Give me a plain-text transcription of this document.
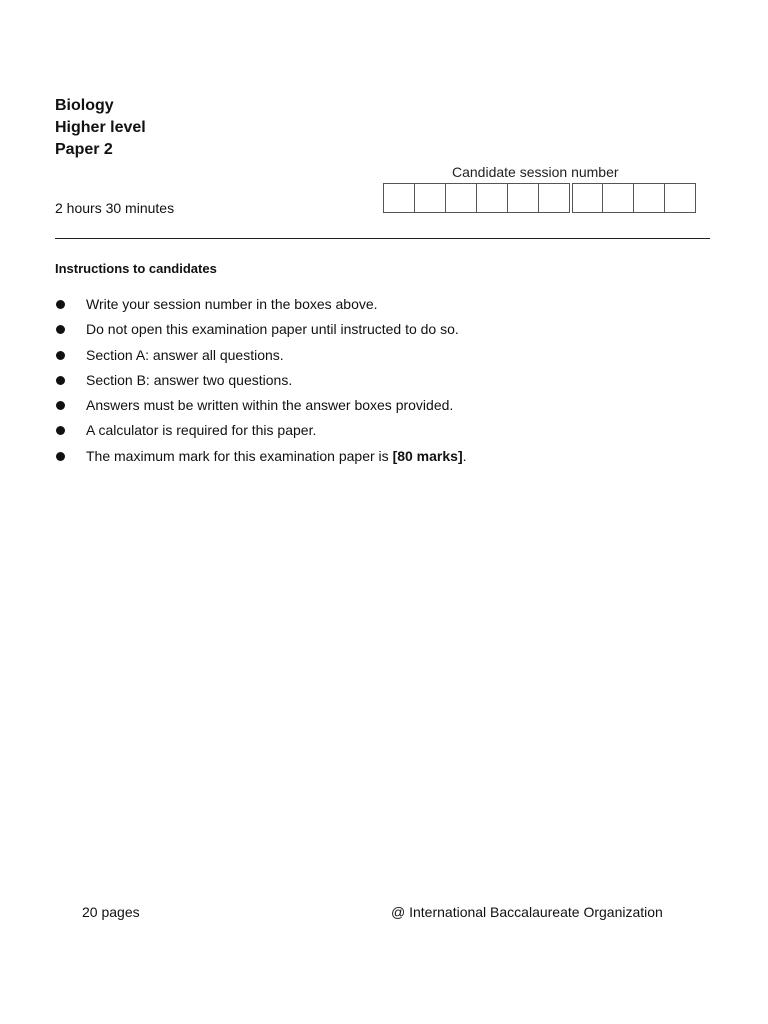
Biology
Higher level
Paper 2
Candidate session number
2 hours 30 minutes
Instructions to candidates
Write your session number in the boxes above.
Do not open this examination paper until instructed to do so.
Section A: answer all questions.
Section B: answer two questions.
Answers must be written within the answer boxes provided.
A calculator is required for this paper.
The maximum mark for this examination paper is [80 marks].
20 pages	@ International Baccalaureate Organization
